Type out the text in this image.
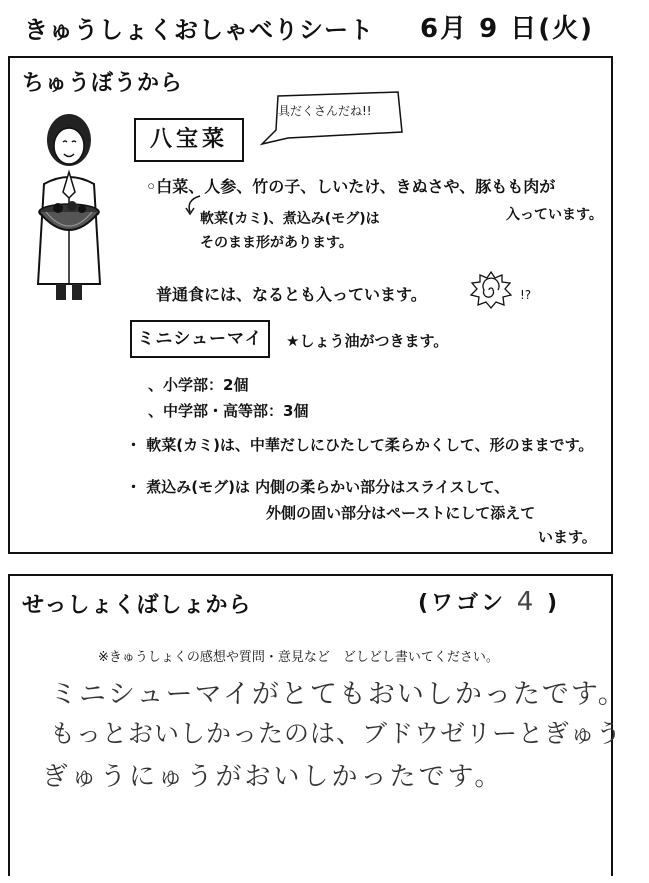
きゅうしょくおしゃべりシート 6月 9 日(火)
ちゅうぼうから
具だくさんだね!!
八宝菜
◦白菜、人参、竹の子、しいたけ、きぬさや、豚もも肉が
軟菜(カミ)、煮込み(モグ)は	入っています。
そのまま形があります。
普通食には、なるとも入っています。	!?
ミニシューマイ	★しょう油がつきます。
、小学部：2個
、中学部・高等部：3個
・ 軟菜(カミ)は、中華だしにひたして柔らかくして、形のままです。
・ 煮込み(モグ)は 内側の柔らかい部分はスライスして、
外側の固い部分はペーストにして添えて
います。
せっしょくばしょから	(ワゴン 4 )
※きゅうしょくの感想や質問・意見など　どしどし書いてください。
ミニシューマイがとてもおいしかったです。
もっとおいしかったのは、ブドウゼリーとぎゅう
ぎゅうにゅうがおいしかったです。
